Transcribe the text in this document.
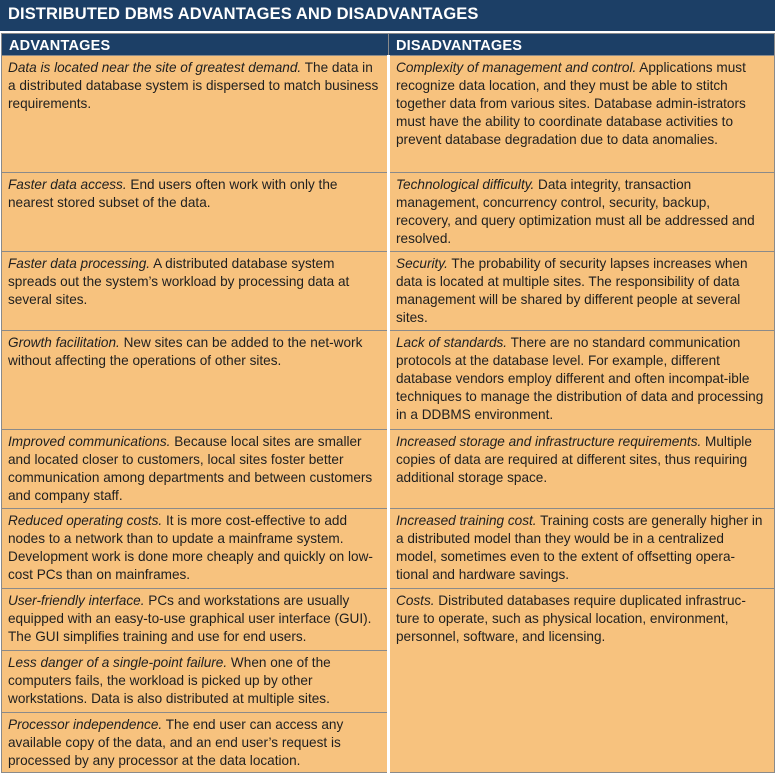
DISTRIBUTED DBMS ADVANTAGES AND DISADVANTAGES
ADVANTAGES	DISADVANTAGES
Data is located near the site of greatest demand. The data in a distributed database system is dispersed to match business requirements.	Complexity of management and control. Applications must recognize data location, and they must be able to stitch together data from various sites. Database admin-istrators must have the ability to coordinate database activities to prevent database degradation due to data anomalies.
Faster data access. End users often work with only the nearest stored subset of the data.	Technological difficulty. Data integrity, transaction management, concurrency control, security, backup, recovery, and query optimization must all be addressed and resolved.
Faster data processing. A distributed database system spreads out the system’s workload by processing data at several sites.	Security. The probability of security lapses increases when data is located at multiple sites. The responsibility of data management will be shared by different people at several sites.
Growth facilitation. New sites can be added to the net-work without affecting the operations of other sites.	Lack of standards. There are no standard communication protocols at the database level. For example, different database vendors employ different and often incompat-ible techniques to manage the distribution of data and processing in a DDBMS environment.
Improved communications. Because local sites are smaller and located closer to customers, local sites foster better communication among departments and between customers and company staff.	Increased storage and infrastructure requirements. Multiple copies of data are required at different sites, thus requiring additional storage space.
Reduced operating costs. It is more cost-effective to add nodes to a network than to update a mainframe system. Development work is done more cheaply and quickly on low-cost PCs than on mainframes.	Increased training cost. Training costs are generally higher in a distributed model than they would be in a centralized model, sometimes even to the extent of offsetting opera-tional and hardware savings.
User-friendly interface. PCs and workstations are usually equipped with an easy-to-use graphical user interface (GUI). The GUI simplifies training and use for end users.	Costs. Distributed databases require duplicated infrastruc-ture to operate, such as physical location, environment, personnel, software, and licensing.
Less danger of a single-point failure. When one of the computers fails, the workload is picked up by other workstations. Data is also distributed at multiple sites.	
Processor independence. The end user can access any available copy of the data, and an end user’s request is processed by any processor at the data location.	
